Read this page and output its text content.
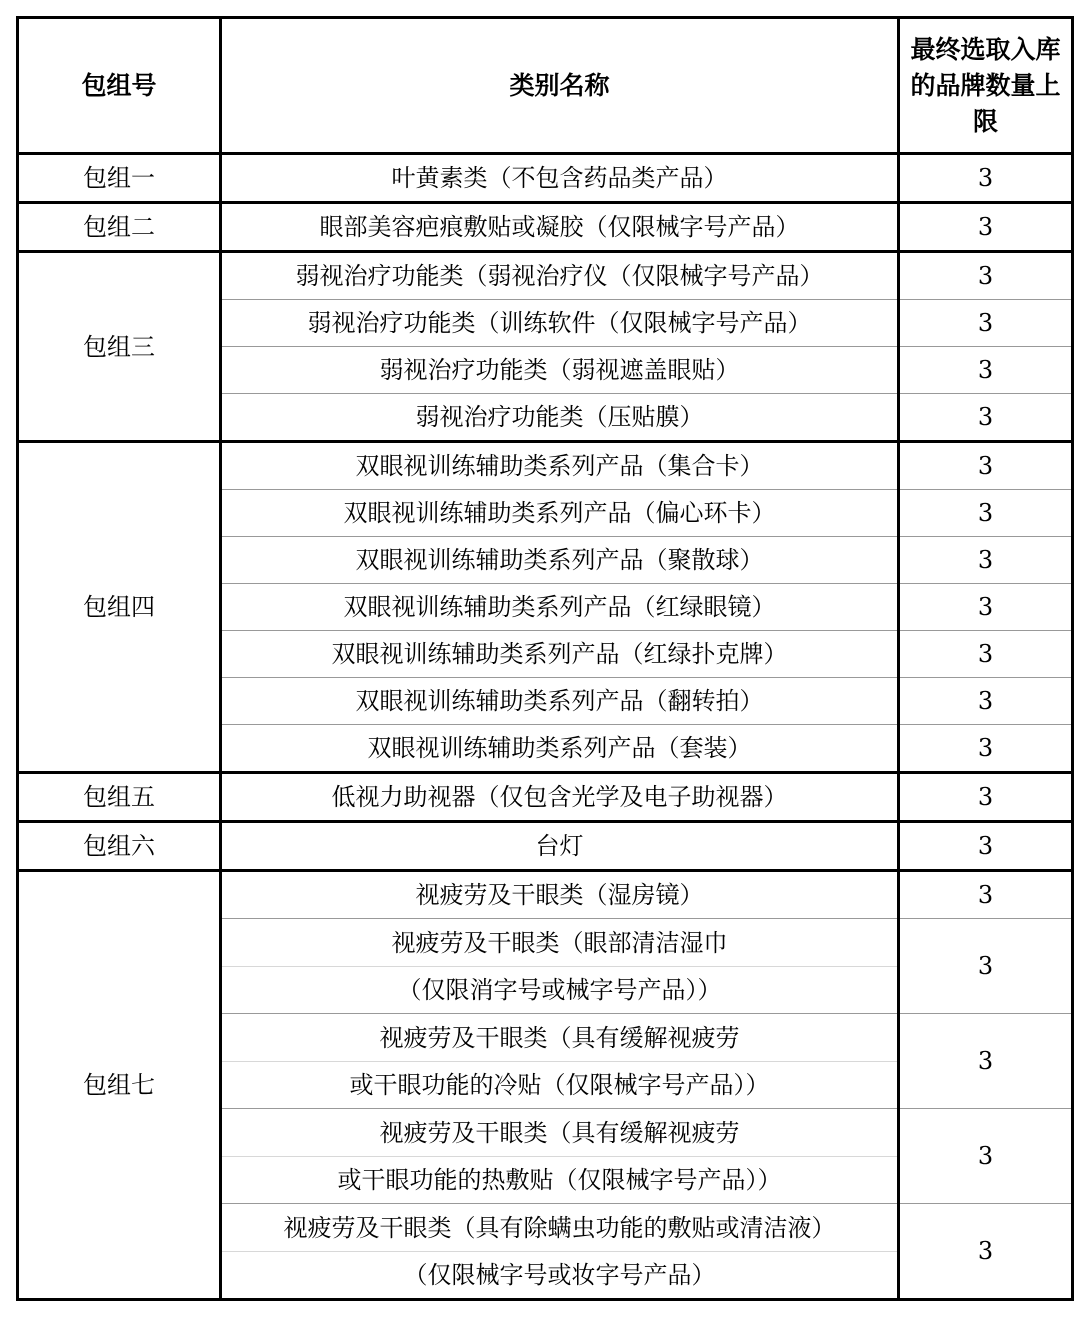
包组号	类别名称	最终选取入库的品牌数量上限
包组一	叶黄素类（不包含药品类产品）	3
包组二	眼部美容疤痕敷贴或凝胶（仅限械字号产品）	3
包组三	弱视治疗功能类（弱视治疗仪（仅限械字号产品）	3
	弱视治疗功能类（训练软件（仅限械字号产品）	3
	弱视治疗功能类（弱视遮盖眼贴）	3
	弱视治疗功能类（压贴膜）	3
包组四	双眼视训练辅助类系列产品（集合卡）	3
	双眼视训练辅助类系列产品（偏心环卡）	3
	双眼视训练辅助类系列产品（聚散球）	3
	双眼视训练辅助类系列产品（红绿眼镜）	3
	双眼视训练辅助类系列产品（红绿扑克牌）	3
	双眼视训练辅助类系列产品（翻转拍）	3
	双眼视训练辅助类系列产品（套装）	3
包组五	低视力助视器（仅包含光学及电子助视器）	3
包组六	台灯	3
包组七	视疲劳及干眼类（湿房镜）	3

	视疲劳及干眼类（眼部清洁湿巾
（仅限消字号或械字号产品））	3

	视疲劳及干眼类（具有缓解视疲劳
或干眼功能的冷贴（仅限械字号产品））	3

	视疲劳及干眼类（具有缓解视疲劳
或干眼功能的热敷贴（仅限械字号产品））	3

	视疲劳及干眼类（具有除螨虫功能的敷贴或清洁液）
（仅限械字号或妆字号产品）	3
